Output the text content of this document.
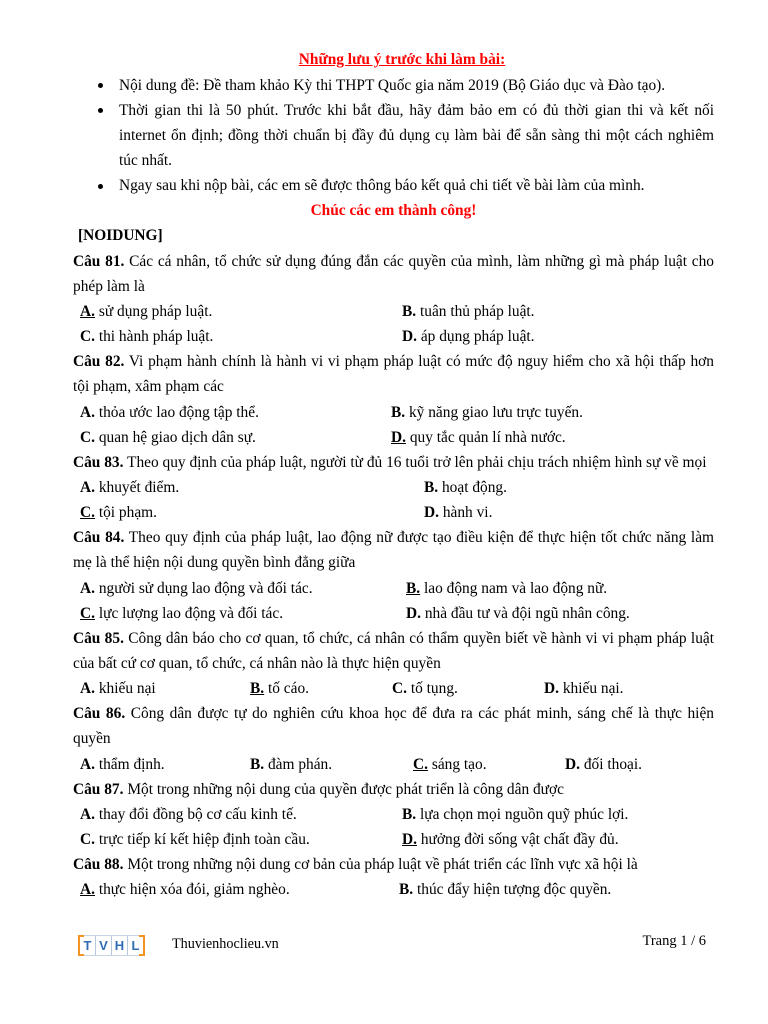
Những lưu ý trước khi làm bài:

Nội dung đề: Đề tham khảo Kỳ thi THPT Quốc gia năm 2019 (Bộ Giáo dục và Đào tạo).
Thời gian thi là 50 phút. Trước khi bắt đầu, hãy đảm bảo em có đủ thời gian thi và kết nối internet ổn định; đồng thời chuẩn bị đầy đủ dụng cụ làm bài để sẵn sàng thi một cách nghiêm túc nhất.
Ngay sau khi nộp bài, các em sẽ được thông báo kết quả chi tiết về bài làm của mình.

Chúc các em thành công!

[NOIDUNG]

Câu 81. Các cá nhân, tổ chức sử dụng đúng đắn các quyền của mình, làm những gì mà pháp luật cho phép làm là

A. sử dụng pháp luật.	B. tuân thủ pháp luật.
C. thi hành pháp luật.	D. áp dụng pháp luật.

Câu 82. Vi phạm hành chính là hành vi vi phạm pháp luật có mức độ nguy hiểm cho xã hội thấp hơn tội phạm, xâm phạm các

A. thỏa ước lao động tập thể.	B. kỹ năng giao lưu trực tuyến.
C. quan hệ giao dịch dân sự.	D. quy tắc quản lí nhà nước.

Câu 83. Theo quy định của pháp luật, người từ đủ 16 tuổi trở lên phải chịu trách nhiệm hình sự về mọi

A. khuyết điểm.	B. hoạt động.
C. tội phạm.	D. hành vi.

Câu 84. Theo quy định của pháp luật, lao động nữ được tạo điều kiện để thực hiện tốt chức năng làm mẹ là thể hiện nội dung quyền bình đẳng giữa

A. người sử dụng lao động và đối tác.	B. lao động nam và lao động nữ.
C. lực lượng lao động và đối tác.	D. nhà đầu tư và đội ngũ nhân công.

Câu 85. Công dân báo cho cơ quan, tổ chức, cá nhân có thẩm quyền biết về hành vi vi phạm pháp luật của bất cứ cơ quan, tổ chức, cá nhân nào là thực hiện quyền

A. khiếu nại	B. tố cáo.	C. tố tụng.	D. khiếu nại.

Câu 86. Công dân được tự do nghiên cứu khoa học để đưa ra các phát minh, sáng chế là thực hiện quyền

A. thẩm định.	B. đàm phán.	C. sáng tạo.	D. đối thoại.

Câu 87. Một trong những nội dung của quyền được phát triển là công dân được

A. thay đổi đồng bộ cơ cấu kinh tế.	B. lựa chọn mọi nguồn quỹ phúc lợi.
C. trực tiếp kí kết hiệp định toàn cầu.	D. hưởng đời sống vật chất đầy đủ.

Câu 88. Một trong những nội dung cơ bản của pháp luật về phát triển các lĩnh vực xã hội là

A. thực hiện xóa đói, giảm nghèo.	B. thúc đẩy hiện tượng độc quyền.
T V H L Thuvienhoclieu.vn	Trang 1 / 6
